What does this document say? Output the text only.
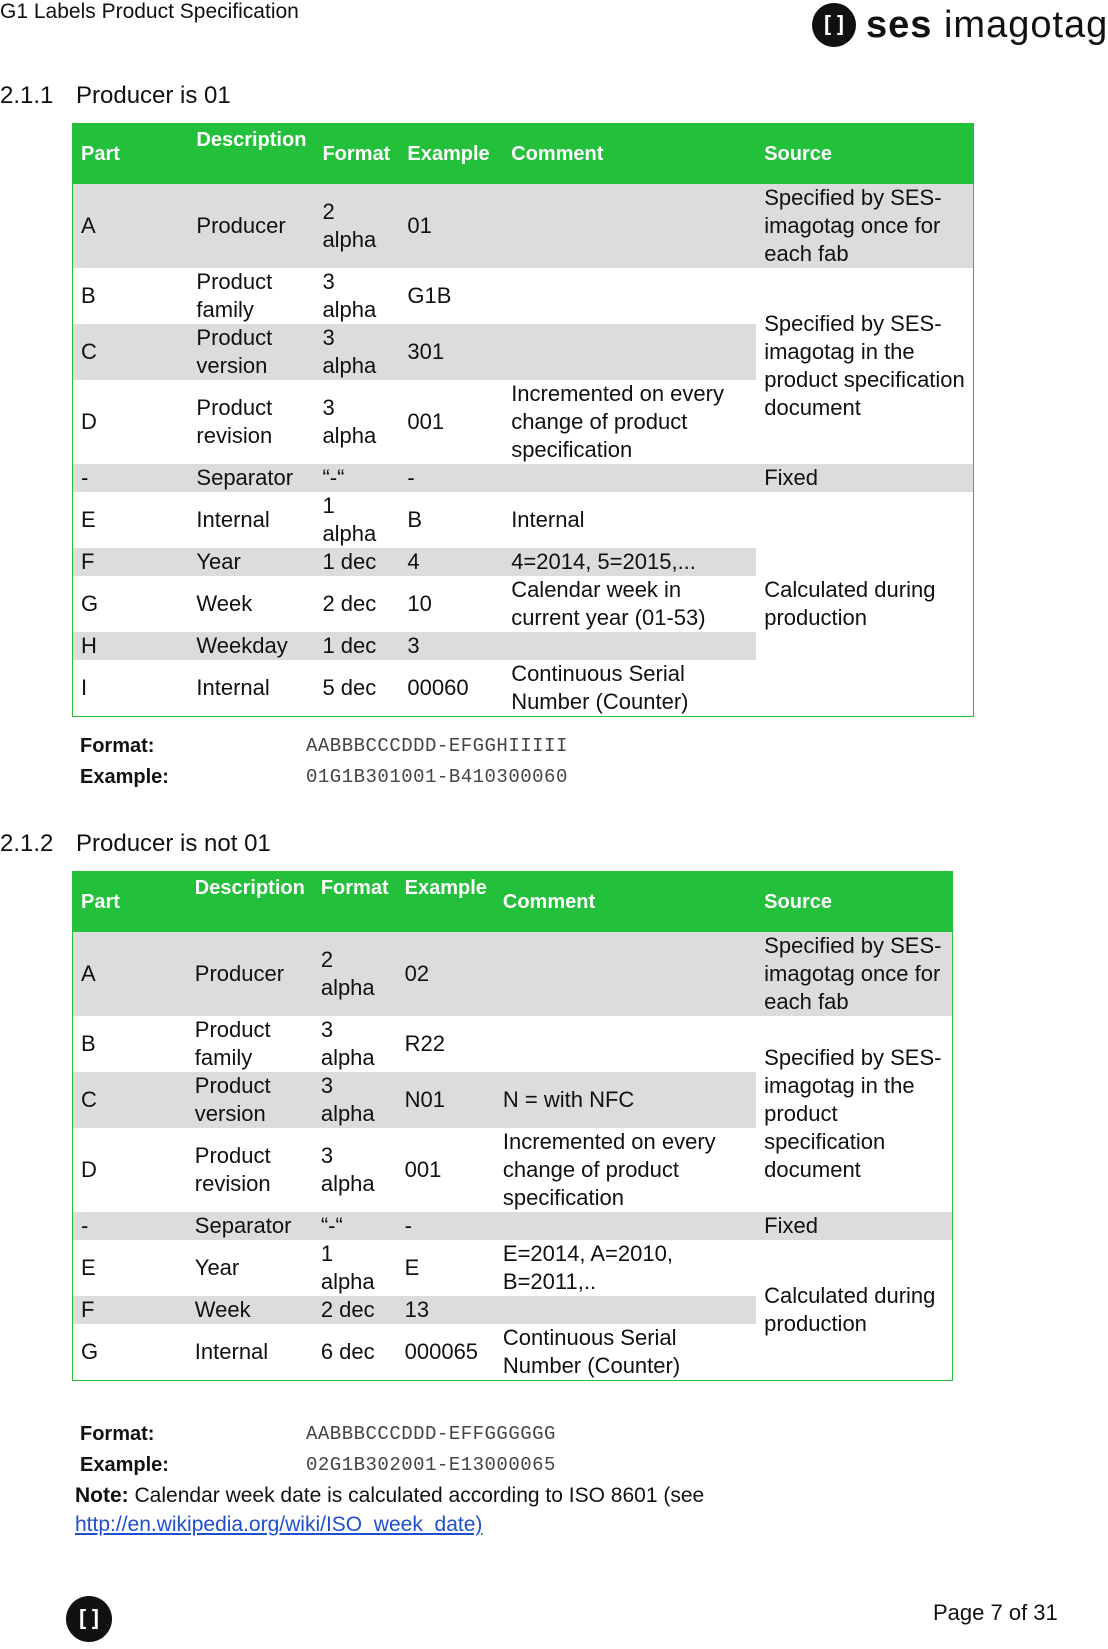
G1 Labels Product Specification
[] ses imagotag
2.1.1 Producer is 01
Part	Description	Format	Example	Comment	Source
A	Producer	2 alpha	01		Specified by SES-imagotag once for each fab
B	Product family	3 alpha	G1B		Specified by SES-imagotag in the product specification document
C	Product version	3 alpha	301		
D	Product revision	3 alpha	001	Incremented on every change of product specification	
-	Separator	“-“	-		Fixed
E	Internal	1 alpha	B	Internal	Calculated during production
F	Year	1 dec	4	4=2014, 5=2015,...	
G	Week	2 dec	10	Calendar week in current year (01-53)	
H	Weekday	1 dec	3		
I	Internal	5 dec	00060	Continuous Serial Number (Counter)	
Format:	AABBBCCCDDD-EFGGHIIIII
Example:	01G1B301001-B410300060
2.1.2 Producer is not 01
Part	Description	Format	Example	Comment	Source
A	Producer	2 alpha	02		Specified by SES-imagotag once for each fab
B	Product family	3 alpha	R22		Specified by SES-imagotag in the product specification document
C	Product version	3 alpha	N01	N = with NFC	
D	Product revision	3 alpha	001	Incremented on every change of product specification	
-	Separator	“-“	-		Fixed
E	Year	1 alpha	E	E=2014, A=2010, B=2011,..	Calculated during production
F	Week	2 dec	13		
G	Internal	6 dec	000065	Continuous Serial Number (Counter)	
Format:	AABBBCCCDDD-EFFGGGGGG
Example:	02G1B302001-E13000065
Note: Calendar week date is calculated according to ISO 8601 (see http://en.wikipedia.org/wiki/ISO_week_date)
[]	Page 7 of 31
